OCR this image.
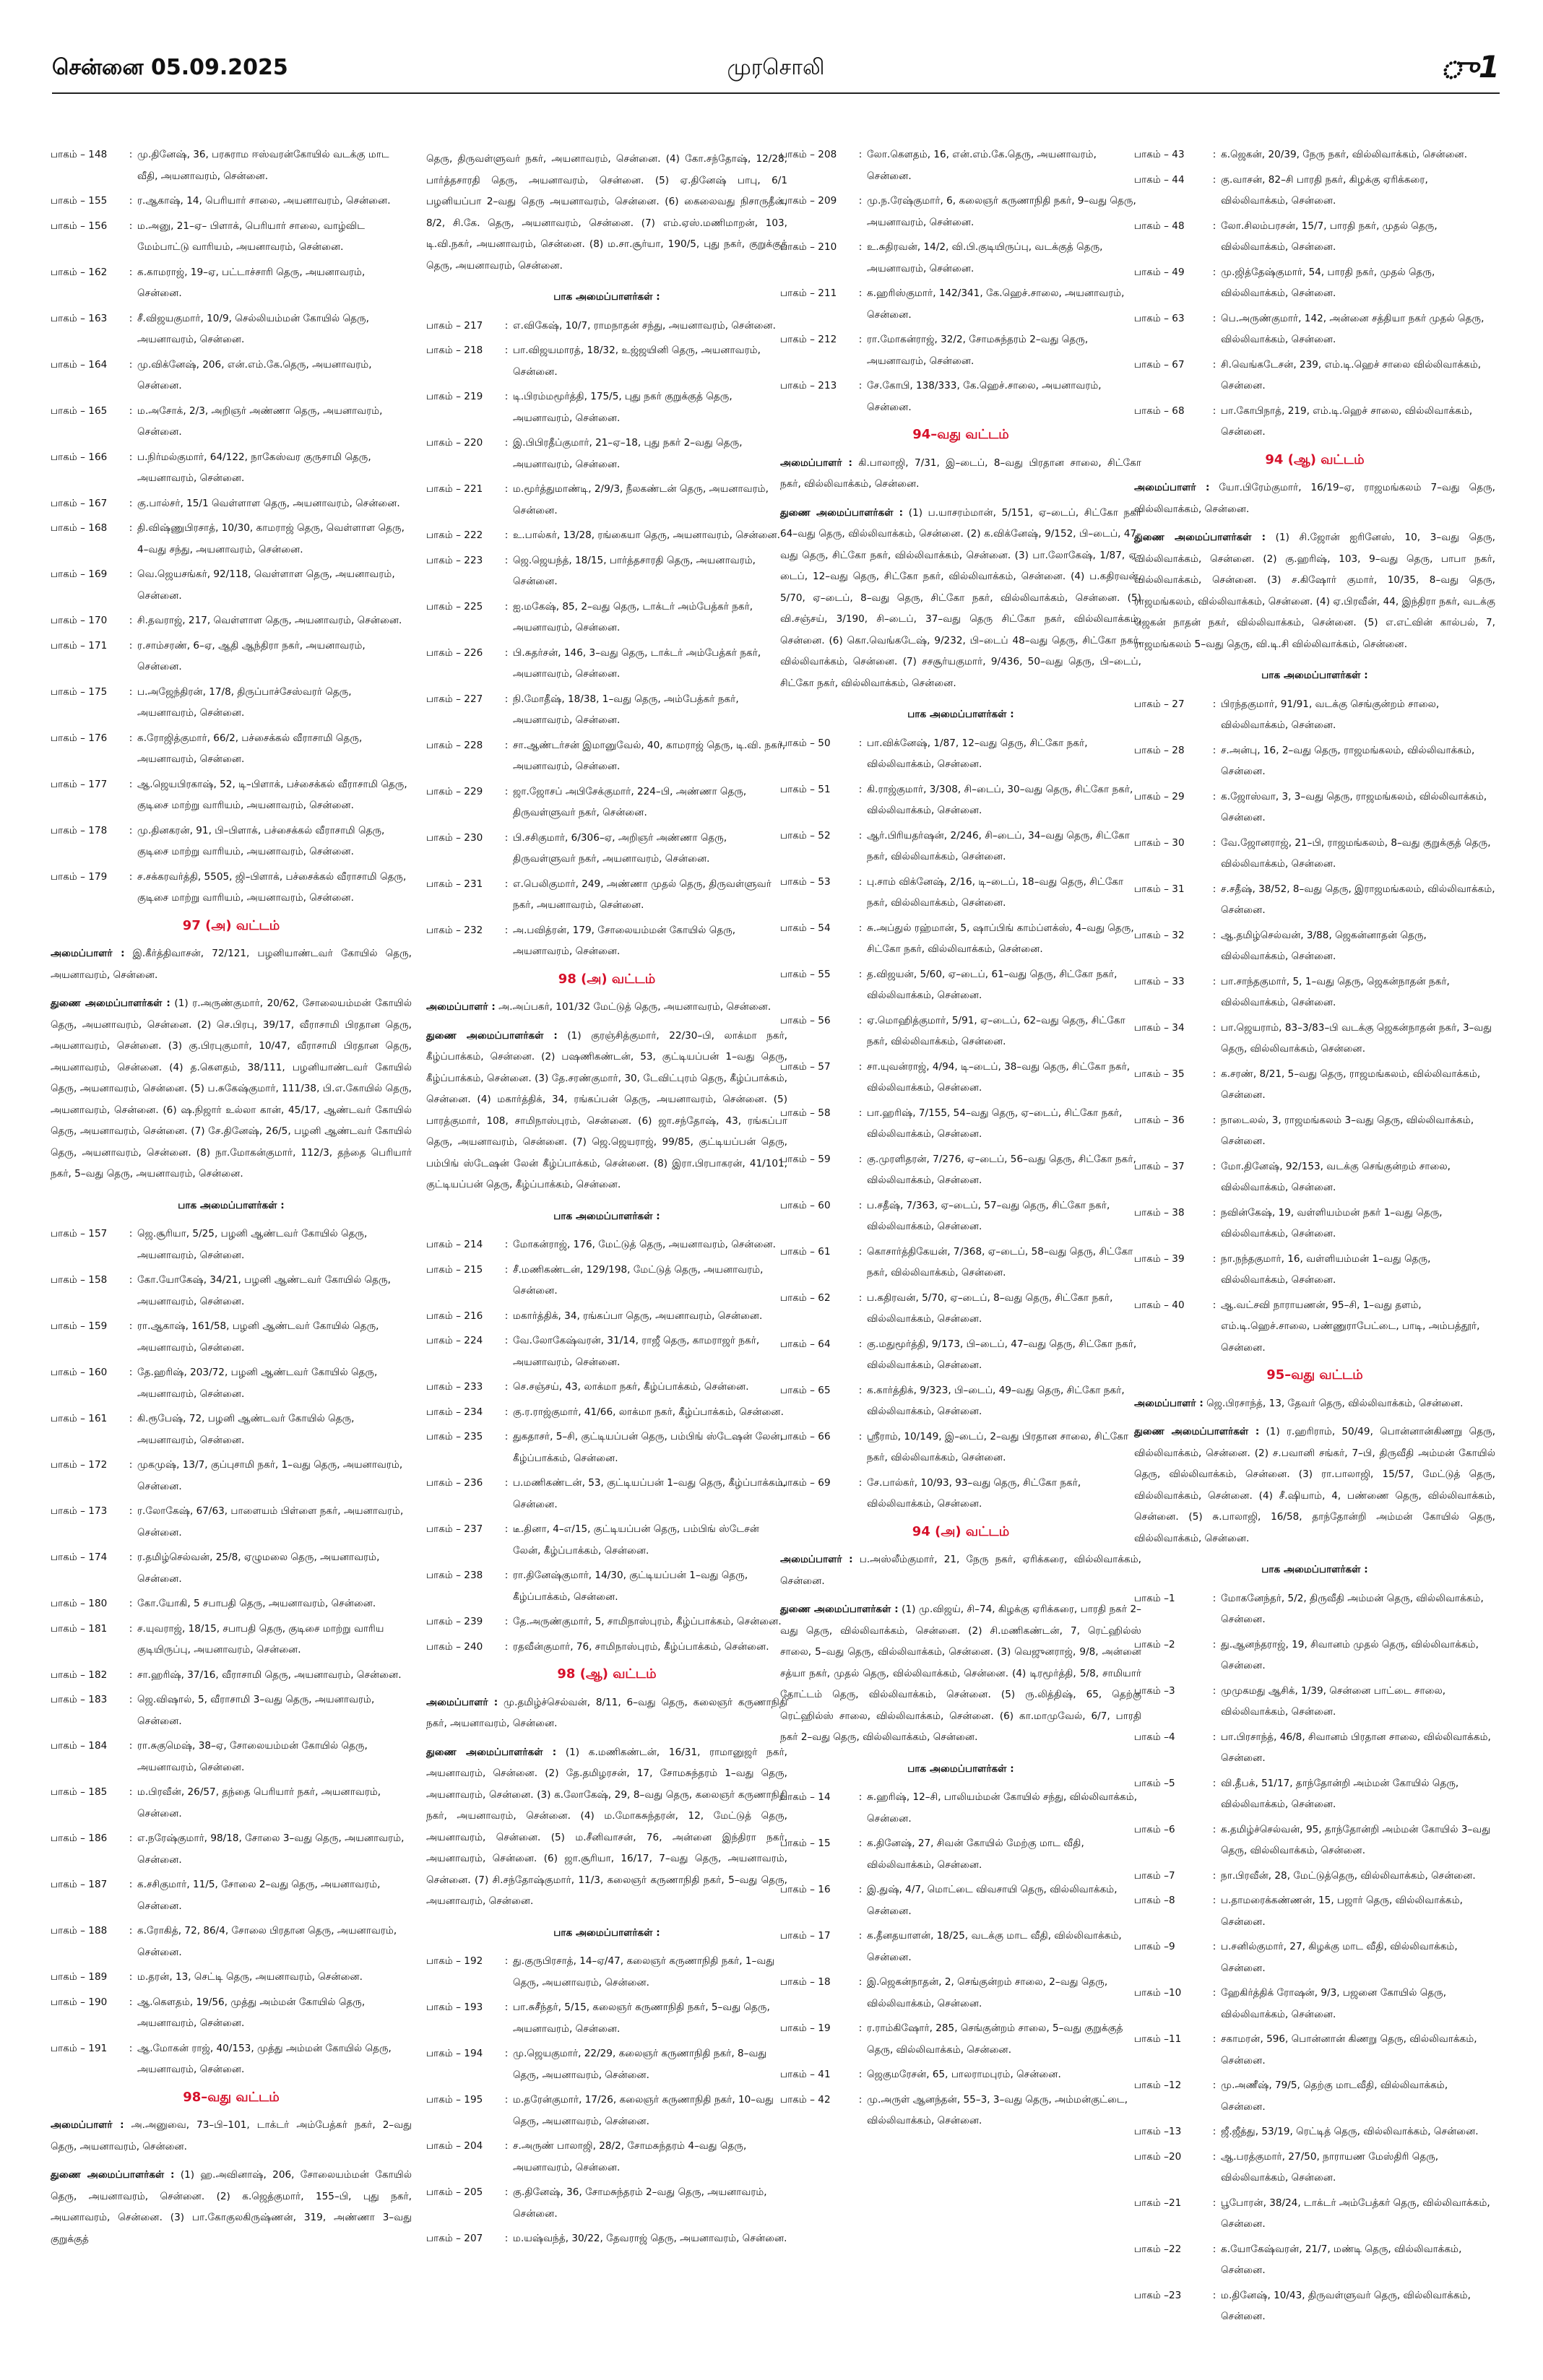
சென்னை 05.09.2025	முரசொலி	ு1
பாகம் – 148	: மு.தினேஷ், 36, பரசுராம ஈஸ்வரன்கோயில் வடக்கு மாட வீதி, அயனாவரம், சென்னை.
பாகம் – 155	: ர.ஆகாஷ், 14, பெரியார் சாலை, அயனாவரம், சென்னை.
பாகம் – 156	: ம.அனு, 21–ஏ– பிளாக், பெரியார் சாலை, வாழ்விட மேம்பாட்டு வாரியம், அயனாவரம், சென்னை.
பாகம் – 162	: க.காமராஜ், 19–ஏ, பட்டாச்சாரி தெரு, அயனாவரம், சென்னை.
பாகம் – 163	: சீ.விஜயகுமார், 10/9, செல்லியம்மன் கோயில் தெரு, அயனாவரம், சென்னை.
பாகம் – 164	: மு.விக்னேஷ், 206, என்.எம்.கே.தெரு, அயனாவரம், சென்னை.
பாகம் – 165	: ம.அசோக், 2/3, அறிஞர் அண்ணா தெரு, அயனாவரம், சென்னை.
பாகம் – 166	: ப.நிர்மல்குமார், 64/122, நாகேஸ்வர குருசாமி தெரு, அயனாவரம், சென்னை.
பாகம் – 167	: கு.பால்சர், 15/1 வெள்ளாள தெரு, அயனாவரம், சென்னை.
பாகம் – 168	: தி.விஷ்ணுபிரசாத், 10/30, காமராஜ் தெரு, வெள்ளாள தெரு, 4–வது சந்து, அயனாவரம், சென்னை.
பாகம் – 169	: வெ.ஜெயசங்கர், 92/118, வெள்ளாள தெரு, அயனாவரம், சென்னை.
பாகம் – 170	: சி.தவராஜ், 217, வெள்ளாள தெரு, அயனாவரம், சென்னை.
பாகம் – 171	: ர.சாம்சரண், 6–ஏ, ஆதி ஆந்திரா நகர், அயனாவரம், சென்னை.
பாகம் – 175	: ப.அஜேந்திரன், 17/8, திருப்பாச்சேஸ்வரர் தெரு, அயனாவரம், சென்னை.
பாகம் – 176	: க.ரோஜித்குமார், 66/2, பச்சைக்கல் வீராசாமி தெரு, அயனாவரம், சென்னை.
பாகம் – 177	: ஆ.ஜெயபிரகாஷ், 52, டி–பிளாக், பச்சைக்கல் வீராசாமி தெரு, குடிசை மாற்று வாரியம், அயனாவரம், சென்னை.
பாகம் – 178	: மு.தினகரன், 91, பி–பிளாக், பச்சைக்கல் வீராசாமி தெரு, குடிசை மாற்று வாரியம், அயனாவரம், சென்னை.
பாகம் – 179	: ச.சக்கரவர்த்தி, 5505, ஜி–பிளாக், பச்சைக்கல் வீராசாமி தெரு, குடிசை மாற்று வாரியம், அயனாவரம், சென்னை.
97 (அ) வட்டம்
அமைப்பாளர் : இ.கீர்த்திவாசன், 72/121, பழனியாண்டவர் கோயில் தெரு, அயனாவரம், சென்னை.
துணை அமைப்பாளர்கள் : (1) ர.அருண்குமார், 20/62, சோலையம்மன் கோயில் தெரு, அயனாவரம், சென்னை. (2) செ.பிரபு, 39/17, வீராசாமி பிரதான தெரு, அயனாவரம், சென்னை. (3) கு.பிரபுகுமார், 10/47, வீராசாமி பிரதான தெரு, அயனாவரம், சென்னை. (4) த.கௌதம், 38/111, பழனியாண்டவர் கோயில் தெரு, அயனாவரம், சென்னை. (5) ப.சுகேஷ்குமார், 111/38, பி.எ.கோயில் தெரு, அயனாவரம், சென்னை. (6) ஷ.நிஜார் உல்லா கான், 45/17, ஆண்டவர் கோயில் தெரு, அயனாவரம், சென்னை. (7) சே.தினேஷ், 26/5, பழனி ஆண்டவர் கோயில் தெரு, அயனாவரம், சென்னை. (8) நா.மோகன்குமார், 112/3, தந்தை பெரியார் நகர், 5–வது தெரு, அயனாவரம், சென்னை.
பாக அமைப்பாளர்கள் :
பாகம் – 157	: ஜெ.சூரியா, 5/25, பழனி ஆண்டவர் கோயில் தெரு, அயனாவரம், சென்னை.
பாகம் – 158	: கோ.யோகேஷ், 34/21, பழனி ஆண்டவர் கோயில் தெரு, அயனாவரம், சென்னை.
பாகம் – 159	: ரா.ஆகாஷ், 161/58, பழனி ஆண்டவர் கோயில் தெரு, அயனாவரம், சென்னை.
பாகம் – 160	: தே.ஹரிஷ், 203/72, பழனி ஆண்டவர் கோயில் தெரு, அயனாவரம், சென்னை.
பாகம் – 161	: கி.ரூபேஷ், 72, பழனி ஆண்டவர் கோயில் தெரு, அயனாவரம், சென்னை.
பாகம் – 172	: முகமுஷ், 13/7, குப்புசாமி நகர், 1–வது தெரு, அயனாவரம், சென்னை.
பாகம் – 173	: ர.லோகேஷ், 67/63, பாளையம் பிள்ளை நகர், அயனாவரம், சென்னை.
பாகம் – 174	: ர.தமிழ்செல்வன், 25/8, ஏழுமலை தெரு, அயனாவரம், சென்னை.
பாகம் – 180	: கோ.யோகி, 5 சபாபதி தெரு, அயனாவரம், சென்னை.
பாகம் – 181	: ச.யுவராஜ், 18/15, சபாபதி தெரு, குடிசை மாற்று வாரிய குடியிருப்பு, அயனாவரம், சென்னை.
பாகம் – 182	: சா.ஹரிஷ், 37/16, வீராசாமி தெரு, அயனாவரம், சென்னை.
பாகம் – 183	: ஜெ.விஷால், 5, வீராசாமி 3–வது தெரு, அயனாவரம், சென்னை.
பாகம் – 184	: ரா.சுகுமெஷ், 38–ஏ, சோலையம்மன் கோயில் தெரு, அயனாவரம், சென்னை.
பாகம் – 185	: ம.பிரவீன், 26/57, தந்தை பெரியார் நகர், அயனாவரம், சென்னை.
பாகம் – 186	: எ.நரேஷ்குமார், 98/18, சோலை 3–வது தெரு, அயனாவரம், சென்னை.
பாகம் – 187	: க.சசிகுமார், 11/5, சோலை 2–வது தெரு, அயனாவரம், சென்னை.
பாகம் – 188	: க.ரோகித், 72, 86/4, சோலை பிரதான தெரு, அயனாவரம், சென்னை.
பாகம் – 189	: ம.தரன், 13, செட்டி தெரு, அயனாவரம், சென்னை.
பாகம் – 190	: ஆ.கௌதம், 19/56, முத்து அம்மன் கோயில் தெரு, அயனாவரம், சென்னை.
பாகம் – 191	: ஆ.மோகன் ராஜ், 40/153, முத்து அம்மன் கோயில் தெரு, அயனாவரம், சென்னை.
98–வது வட்டம்
அமைப்பாளர் : அ.அனுவை, 73–பி–101, டாக்டர் அம்பேத்கர் நகர், 2–வது தெரு, அயனாவரம், சென்னை.
துணை அமைப்பாளர்கள் : (1) ஹ.அவினாஷ், 206, சோலையம்மன் கோயில் தெரு, அயனாவரம், சென்னை. (2) க.ஜெத்குமார், 155–பி, புது நகர், அயனாவரம், சென்னை. (3) பா.கோகுலகிருஷ்ணன், 319, அண்ணா 3–வது குறுக்குத்
தெரு, திருவள்ளுவர் நகர், அயனாவரம், சென்னை. (4) கோ.சந்தோஷ், 12/28, பார்த்தசாரதி தெரு, அயனாவரம், சென்னை. (5) ஏ.தினேஷ் பாபு, 6/1 பழனியப்பா 2–வது தெரு அயனாவரம், சென்னை. (6) கைலைவது நிசாருதீன், 8/2, சி.கே. தெரு, அயனாவரம், சென்னை. (7) எம்.ஏஸ்.மணிமாறன், 103, டி.வி.நகர், அயனாவரம், சென்னை. (8) ம.சா.சூர்யா, 190/5, புது நகர், குறுக்குத் தெரு, அயனாவரம், சென்னை.
பாக அமைப்பாளர்கள் :
பாகம் – 217	: எ.விகேஷ், 10/7, ராமநாதன் சந்து, அயனாவரம், சென்னை.
பாகம் – 218	: பா.விஜயமாரத், 18/32, உஜ்ஜயினி தெரு, அயனாவரம், சென்னை.
பாகம் – 219	: டி.பிரம்மமூர்த்தி, 175/5, புது நகர் குறுக்குத் தெரு, அயனாவரம், சென்னை.
பாகம் – 220	: இ.பிபிரதீப்குமார், 21–ஏ–18, புது நகர் 2–வது தெரு, அயனாவரம், சென்னை.
பாகம் – 221	: ம.மூர்த்துமாண்டி, 2/9/3, நீலகண்டன் தெரு, அயனாவரம், சென்னை.
பாகம் – 222	: உ.பால்கர், 13/28, ரங்கையா தெரு, அயனாவரம், சென்னை.
பாகம் – 223	: ஜெ.ஜெயந்த், 18/15, பார்த்தசாரதி தெரு, அயனாவரம், சென்னை.
பாகம் – 225	: ஐ.மகேஷ், 85, 2–வது தெரு, டாக்டர் அம்பேத்கர் நகர், அயனாவரம், சென்னை.
பாகம் – 226	: பி.சுதர்சன், 146, 3–வது தெரு, டாக்டர் அம்பேத்கர் நகர், அயனாவரம், சென்னை.
பாகம் – 227	: நி.மோதீஷ், 18/38, 1–வது தெரு, அம்பேத்கர் நகர், அயனாவரம், சென்னை.
பாகம் – 228	: சா.ஆண்டர்சன் இமானுவேல், 40, காமராஜ் தெரு, டி.வி. நகர், அயனாவரம், சென்னை.
பாகம் – 229	: ஜா.ஜோசப் அபிசேக்குமார், 224–பி, அண்ணா தெரு, திருவள்ளுவர் நகர், சென்னை.
பாகம் – 230	: பி.சசிகுமார், 6/306–ஏ, அறிஞர் அண்ணா தெரு, திருவள்ளுவர் நகர், அயனாவரம், சென்னை.
பாகம் – 231	: எ.பெலிகுமார், 249, அண்ணா முதல் தெரு, திருவள்ளுவர் நகர், அயனாவரம், சென்னை.
பாகம் – 232	: அ.பவித்ரன், 179, சோலையம்மன் கோயில் தெரு, அயனாவரம், சென்னை.
98 (அ) வட்டம்
அமைப்பாளர் : அ.அப்பகர், 101/32 மேட்டுத் தெரு, அயனாவரம், சென்னை.
துணை அமைப்பாளர்கள் : (1) குரஞ்சித்குமார், 22/30–பி, லாக்மா நகர், கீழ்ப்பாக்கம், சென்னை. (2) பஷணிகண்டன், 53, குட்டியப்பன் 1–வது தெரு, கீழ்ப்பாக்கம், சென்னை. (3) தே.சரண்குமார், 30, டேவிட்புரம் தெரு, கீழ்ப்பாக்கம், சென்னை. (4) மகார்த்திக், 34, ரங்கப்பன் தெரு, அயனாவரம், சென்னை. (5) பாரத்குமார், 108, சாமிநாஸ்புரம், சென்னை. (6) ஜா.சந்தோஷ், 43, ரங்கப்பா தெரு, அயனாவரம், சென்னை. (7) ஜெ.ஜெயராஜ், 99/85, குட்டியப்பன் தெரு, பம்பிங் ஸ்டேஷன் லேன் கீழ்ப்பாக்கம், சென்னை. (8) இரா.பிரபாகரன், 41/101, குட்டியப்பன் தெரு, கீழ்ப்பாக்கம், சென்னை.
பாக அமைப்பாளர்கள் :
பாகம் – 214	: மோகன்ராஜ், 176, மேட்டுத் தெரு, அயனாவரம், சென்னை.
பாகம் – 215	: சீ.மணிகண்டன், 129/198, மேட்டுத் தெரு, அயனாவரம், சென்னை.
பாகம் – 216	: மகார்த்திக், 34, ரங்கப்பா தெரு, அயனாவரம், சென்னை.
பாகம் – 224	: வே.லோகேஷ்வரன், 31/14, ராஜீ தெரு, காமராஜர் நகர், அயனாவரம், சென்னை.
பாகம் – 233	: செ.சஞ்சய், 43, லாக்மா நகர், கீழ்ப்பாக்கம், சென்னை.
பாகம் – 234	: கு.ர.ராஜ்குமார், 41/66, லாக்மா நகர், கீழ்ப்பாக்கம், சென்னை.
பாகம் – 235	: துகதாசர், 5–சி, குட்டியப்பன் தெரு, பம்பிங் ஸ்டேஷன் லேன், கீழ்ப்பாக்கம், சென்னை.
பாகம் – 236	: ப.மணிகண்டன், 53, குட்டியப்பன் 1–வது தெரு, கீழ்ப்பாக்கம், சென்னை.
பாகம் – 237	: டீ.தினா, 4–எ/15, குட்டியப்பன் தெரு, பம்பிங் ஸ்டேசன் லேன், கீழ்ப்பாக்கம், சென்னை.
பாகம் – 238	: ரா.தினேஷ்குமார், 14/30, குட்டியப்பன் 1–வது தெரு, கீழ்ப்பாக்கம், சென்னை.
பாகம் – 239	: தே.அருண்குமார், 5, சாமிநாஸ்புரம், கீழ்ப்பாக்கம், சென்னை.
பாகம் – 240	: ரதவீன்குமார், 76, சாமிநாஸ்புரம், கீழ்ப்பாக்கம், சென்னை.
98 (ஆ) வட்டம்
அமைப்பாளர் : மு.தமிழ்ச்செல்வன், 8/11, 6–வது தெரு, கலைஞர் கருணாநிதி நகர், அயனாவரம், சென்னை.
துணை அமைப்பாளர்கள் : (1) க.மணிகண்டன், 16/31, ராமானுஜர் நகர், அயனாவரம், சென்னை. (2) தே.தமிழரசன், 17, சோமசுந்தரம் 1–வது தெரு, அயனாவரம், சென்னை. (3) க.லோகேஷ், 29, 8–வது தெரு, கலைஞர் கருணாநிதி நகர், அயனாவரம், சென்னை. (4) ம.மோகசுந்தரன், 12, மேட்டுத் தெரு, அயனாவரம், சென்னை. (5) ம.சீனிவாசன், 76, அன்னை இந்திரா நகர், அயனாவரம், சென்னை. (6) ஜா.சூரியா, 16/17, 7–வது தெரு, அயனாவரம், சென்னை. (7) சி.சந்தோஷ்குமார், 11/3, கலைஞர் கருணாநிதி நகர், 5–வது தெரு, அயனாவரம், சென்னை.
பாக அமைப்பாளர்கள் :
பாகம் – 192	: து.குருபிரசாத், 14–ஏ/47, கலைஞர் கருணாநிதி நகர், 1–வது தெரு, அயனாவரம், சென்னை.
பாகம் – 193	: பா.சுசீந்தர், 5/15, கலைஞர் கருணாநிதி நகர், 5–வது தெரு, அயனாவரம், சென்னை.
பாகம் – 194	: மு.ஜெயகுமார், 22/29, கலைஞர் கருணாநிதி நகர், 8–வது தெரு, அயனாவரம், சென்னை.
பாகம் – 195	: ம.தரேன்குமார், 17/26, கலைஞர் கருணாநிதி நகர், 10–வது தெரு, அயனாவரம், சென்னை.
பாகம் – 204	: ச.அருண் பாலாஜி, 28/2, சோமசுந்தரம் 4–வது தெரு, அயனாவரம், சென்னை.
பாகம் – 205	: கு.தினேஷ், 36, சோமசுந்தரம் 2–வது தெரு, அயனாவரம், சென்னை.
பாகம் – 207	: ம.யஷ்வந்த், 30/22, தேவராஜ் தெரு, அயனாவரம், சென்னை.
பாகம் – 208	: லோ.கௌதம், 16, என்.எம்.கே.தெரு, அயனாவரம், சென்னை.
பாகம் – 209	: மு.ந.ரேஷ்குமார், 6, கலைஞர் கருணாநிதி நகர், 9–வது தெரு, அயனாவரம், சென்னை.
பாகம் – 210	: உ.சுதிரவன், 14/2, வி.பி.குடியிருப்பு, வடக்குத் தெரு, அயனாவரம், சென்னை.
பாகம் – 211	: க.ஹரிஸ்குமார், 142/341, கே.ஹெச்.சாலை, அயனாவரம், சென்னை.
பாகம் – 212	: ரா.மோகன்ராஜ், 32/2, சோமசுந்தரம் 2–வது தெரு, அயனாவரம், சென்னை.
பாகம் – 213	: சே.கோபி, 138/333, கே.ஹெச்.சாலை, அயனாவரம், சென்னை.
94–வது வட்டம்
அமைப்பாளர் : கி.பாலாஜி, 7/31, இ–டைப், 8–வது பிரதான சாலை, சிட்கோ நகர், வில்லிவாக்கம், சென்னை.
துணை அமைப்பாளர்கள் : (1) ப.யாசரம்மான், 5/151, ஏ–டைப், சிட்கோ நகர் 64–வது தெரு, வில்லிவாக்கம், சென்னை. (2) க.விக்னேஷ், 9/152, பி–டைப், 47–வது தெரு, சிட்கோ நகர், வில்லிவாக்கம், சென்னை. (3) பா.லோகேஷ், 1/87, ஏ–டைப், 12–வது தெரு, சிட்கோ நகர், வில்லிவாக்கம், சென்னை. (4) ப.கதிரவன், 5/70, ஏ–டைப், 8–வது தெரு, சிட்கோ நகர், வில்லிவாக்கம், சென்னை. (5) வி.சஞ்சய், 3/190, சி–டைப், 37–வது தெரு சிட்கோ நகர், வில்லிவாக்கம், சென்னை. (6) கொ.வெங்கடேஷ், 9/232, பி–டைப் 48–வது தெரு, சிட்கோ நகர், வில்லிவாக்கம், சென்னை. (7) சசசூர்யகுமார், 9/436, 50–வது தெரு, பி–டைப், சிட்கோ நகர், வில்லிவாக்கம், சென்னை.
பாக அமைப்பாளர்கள் :
பாகம் – 50	: பா.விக்னேஷ், 1/87, 12–வது தெரு, சிட்கோ நகர், வில்லிவாக்கம், சென்னை.
பாகம் – 51	: கி.ராஜ்குமார், 3/308, சி–டைப், 30–வது தெரு, சிட்கோ நகர், வில்லிவாக்கம், சென்னை.
பாகம் – 52	: ஆர்.பிரியதர்ஷன், 2/246, சி–டைப், 34–வது தெரு, சிட்கோ நகர், வில்லிவாக்கம், சென்னை.
பாகம் – 53	: பு.சாம் விக்னேஷ், 2/16, டி–டைப், 18–வது தெரு, சிட்கோ நகர், வில்லிவாக்கம், சென்னை.
பாகம் – 54	: சு.அப்துல் ரஹ்மான், 5, ஷாப்பிங் காம்ப்ளக்ஸ், 4–வது தெரு, சிட்கோ நகர், வில்லிவாக்கம், சென்னை.
பாகம் – 55	: த.விஜயன், 5/60, ஏ–டைப், 61–வது தெரு, சிட்கோ நகர், வில்லிவாக்கம், சென்னை.
பாகம் – 56	: ஏ.மொஹித்குமார், 5/91, ஏ–டைப், 62–வது தெரு, சிட்கோ நகர், வில்லிவாக்கம், சென்னை.
பாகம் – 57	: சா.யுவன்ராஜ், 4/94, டி–டைப், 38–வது தெரு, சிட்கோ நகர், வில்லிவாக்கம், சென்னை.
பாகம் – 58	: பா.ஹரிஷ், 7/155, 54–வது தெரு, ஏ–டைப், சிட்கோ நகர், வில்லிவாக்கம், சென்னை.
பாகம் – 59	: கு.முரளிதரன், 7/276, ஏ–டைப், 56–வது தெரு, சிட்கோ நகர், வில்லிவாக்கம், சென்னை.
பாகம் – 60	: ப.சதீஷ், 7/363, ஏ–டைப், 57–வது தெரு, சிட்கோ நகர், வில்லிவாக்கம், சென்னை.
பாகம் – 61	: கொசார்த்திகேயன், 7/368, ஏ–டைப், 58–வது தெரு, சிட்கோ நகர், வில்லிவாக்கம், சென்னை.
பாகம் – 62	: ப.கதிரவன், 5/70, ஏ–டைப், 8–வது தெரு, சிட்கோ நகர், வில்லிவாக்கம், சென்னை.
பாகம் – 64	: கு.மதுமூர்த்தி, 9/173, பி–டைப், 47–வது தெரு, சிட்கோ நகர், வில்லிவாக்கம், சென்னை.
பாகம் – 65	: க.கார்த்திக், 9/323, பி–டைப், 49–வது தெரு, சிட்கோ நகர், வில்லிவாக்கம், சென்னை.
பாகம் – 66	: ஸ்ரீராம், 10/149, இ–டைப், 2–வது பிரதான சாலை, சிட்கோ நகர், வில்லிவாக்கம், சென்னை.
பாகம் – 69	: சே.பால்கர், 10/93, 93–வது தெரு, சிட்கோ நகர், வில்லிவாக்கம், சென்னை.
94 (அ) வட்டம்
அமைப்பாளர் : ப.அஸ்லீம்குமார், 21, நேரு நகர், ஏரிக்கரை, வில்லிவாக்கம், சென்னை.
துணை அமைப்பாளர்கள் : (1) மு.விஜய், சி–74, கிழக்கு ஏரிக்கரை, பாரதி நகர் 2–வது தெரு, வில்லிவாக்கம், சென்னை. (2) சி.மணிகண்டன், 7, ரெட்ஹில்ஸ் சாலை, 5–வது தெரு, வில்லிவாக்கம், சென்னை. (3) வெஜுனராஜ், 9/8, அன்னை சத்யா நகர், முதல் தெரு, வில்லிவாக்கம், சென்னை. (4) டிரமூர்த்தி, 5/8, சாமியார் தோட்டம் தெரு, வில்லிவாக்கம், சென்னை. (5) ரு.லித்திஷ், 65, தெற்கு ரெட்ஹில்ஸ் சாலை, வில்லிவாக்கம், சென்னை. (6) கா.மாமுவேல், 6/7, பாரதி நகர் 2–வது தெரு, வில்லிவாக்கம், சென்னை.
பாக அமைப்பாளர்கள் :
பாகம் – 14	: சு.ஹரிஷ், 12–சி, பாலியம்மன் கோயில் சந்து, வில்லிவாக்கம், சென்னை.
பாகம் – 15	: க.தினேஷ், 27, சிவன் கோயில் மேற்கு மாட வீதி, வில்லிவாக்கம், சென்னை.
பாகம் – 16	: இ.துஷ், 4/7, மொட்டை விவசாயி தெரு, வில்லிவாக்கம், சென்னை.
பாகம் – 17	: க.தீனதயாளன், 18/25, வடக்கு மாட வீதி, வில்லிவாக்கம், சென்னை.
பாகம் – 18	: இ.ஜெகன்நாதன், 2, செங்குன்றம் சாலை, 2–வது தெரு, வில்லிவாக்கம், சென்னை.
பாகம் – 19	: ர.ராம்கிஷோர், 285, செங்குன்றம் சாலை, 5–வது குறுக்குத் தெரு, வில்லிவாக்கம், சென்னை.
பாகம் – 41	: ஜெகுமரேசன், 65, பாலராமபுரம், சென்னை.
பாகம் – 42	: மு.அருள் ஆனந்தன், 55–3, 3–வது தெரு, அம்மன்குட்டை, வில்லிவாக்கம், சென்னை.
பாகம் – 43	: க.ஜெகன், 20/39, நேரு நகர், வில்லிவாக்கம், சென்னை.
பாகம் – 44	: கு.வாசன், 82–சி பாரதி நகர், கிழக்கு ஏரிக்கரை, வில்லிவாக்கம், சென்னை.
பாகம் – 48	: லோ.சிலம்பரசன், 15/7, பாரதி நகர், முதல் தெரு, வில்லிவாக்கம், சென்னை.
பாகம் – 49	: மு.ஜித்தேஷ்குமார், 54, பாரதி நகர், முதல் தெரு, வில்லிவாக்கம், சென்னை.
பாகம் – 63	: பெ.அருண்குமார், 142, அன்னை சத்தியா நகர் முதல் தெரு, வில்லிவாக்கம், சென்னை.
பாகம் – 67	: சி.வெங்கடேசன், 239, எம்.டி.ஹெச் சாலை வில்லிவாக்கம், சென்னை.
பாகம் – 68	: பா.கோபிநாத், 219, எம்.டி.ஹெச் சாலை, வில்லிவாக்கம், சென்னை.
94 (ஆ) வட்டம்
அமைப்பாளர் : யோ.பிரேம்குமார், 16/19–ஏ, ராஜமங்கலம் 7–வது தெரு, வில்லிவாக்கம், சென்னை.
துணை அமைப்பாளர்கள் : (1) சி.ஜோன் ஐரினேஸ், 10, 3–வது தெரு, வில்லிவாக்கம், சென்னை. (2) கு.ஹரிஷ், 103, 9–வது தெரு, பாபா நகர், வில்லிவாக்கம், சென்னை. (3) ச.கிஷோர் குமார், 10/35, 8–வது தெரு, ராஜமங்கலம், வில்லிவாக்கம், சென்னை. (4) ஏ.பிரவீன், 44, இந்திரா நகர், வடக்கு ஜெகன் நாதன் நகர், வில்லிவாக்கம், சென்னை. (5) எ.எட்வின் கால்பல், 7, ராஜமங்கலம் 5–வது தெரு, வி.டி.சி வில்லிவாக்கம், சென்னை.
பாக அமைப்பாளர்கள் :
பாகம் – 27	: பிரந்தகுமார், 91/91, வடக்கு செங்குன்றம் சாலை, வில்லிவாக்கம், சென்னை.
பாகம் – 28	: ச.அன்பு, 16, 2–வது தெரு, ராஜமங்கலம், வில்லிவாக்கம், சென்னை.
பாகம் – 29	: க.ஜோஸ்வா, 3, 3–வது தெரு, ராஜமங்கலம், வில்லிவாக்கம், சென்னை.
பாகம் – 30	: வே.ஜோனராஜ், 21–பி, ராஜமங்கலம், 8–வது குறுக்குத் தெரு, வில்லிவாக்கம், சென்னை.
பாகம் – 31	: ச.சதீஷ், 38/52, 8–வது தெரு, இராஜமங்கலம், வில்லிவாக்கம், சென்னை.
பாகம் – 32	: ஆ.தமிழ்செல்வன், 3/88, ஜெகன்னாதன் தெரு, வில்லிவாக்கம், சென்னை.
பாகம் – 33	: பா.சாந்தகுமார், 5, 1–வது தெரு, ஜெகன்நாதன் நகர், வில்லிவாக்கம், சென்னை.
பாகம் – 34	: பா.ஜெயராம், 83–3/83–பி வடக்கு ஜெகன்நாதன் நகர், 3–வது தெரு, வில்லிவாக்கம், சென்னை.
பாகம் – 35	: க.சரண், 8/21, 5–வது தெரு, ராஜமங்கலம், வில்லிவாக்கம், சென்னை.
பாகம் – 36	: நாடைலல், 3, ராஜமங்கலம் 3–வது தெரு, வில்லிவாக்கம், சென்னை.
பாகம் – 37	: மோ.தினேஷ், 92/153, வடக்கு செங்குன்றம் சாலை, வில்லிவாக்கம், சென்னை.
பாகம் – 38	: நவின்கேஷ், 19, வள்ளியம்மன் நகர் 1–வது தெரு, வில்லிவாக்கம், சென்னை.
பாகம் – 39	: நா.நந்தகுமார், 16, வள்ளியம்மன் 1–வது தெரு, வில்லிவாக்கம், சென்னை.
பாகம் – 40	: ஆ.வட்சவி நாராயணன், 95–சி, 1–வது தளம், எம்.டி.ஹெச்.சாலை, பண்ணுராபேட்டை, பாடி, அம்பத்தூர், சென்னை.
95–வது வட்டம்
அமைப்பாளர் : ஜெ.பிரசாந்த், 13, தேவர் தெரு, வில்லிவாக்கம், சென்னை.
துணை அமைப்பாளர்கள் : (1) ர.ஹரிராம், 50/49, பொன்னான்கிணறு தெரு, வில்லிவாக்கம், சென்னை. (2) ச.பவானி சங்கர், 7–பி, திருவீதி அம்மன் கோயில் தெரு, வில்லிவாக்கம், சென்னை. (3) ரா.பாலாஜி, 15/57, மேட்டுத் தெரு, வில்லிவாக்கம், சென்னை. (4) சீ.ஷியாம், 4, பண்ணை தெரு, வில்லிவாக்கம், சென்னை. (5) சு.பாலாஜி, 16/58, தாந்தோன்றி அம்மன் கோயில் தெரு, வில்லிவாக்கம், சென்னை.
பாக அமைப்பாளர்கள் :
பாகம் –1	: மோகனேந்தர், 5/2, திருவீதி அம்மன் தெரு, வில்லிவாக்கம், சென்னை.
பாகம் –2	: து.ஆனந்தராஜ், 19, சிவானம் முதல் தெரு, வில்லிவாக்கம், சென்னை.
பாகம் –3	: முமுகமது ஆசிக், 1/39, சென்னை பாட்டை சாலை, வில்லிவாக்கம், சென்னை.
பாகம் –4	: பா.பிரசாந்த், 46/8, சிவானம் பிரதான சாலை, வில்லிவாக்கம், சென்னை.
பாகம் –5	: வி.தீபக், 51/17, தாந்தோன்றி அம்மன் கோயில் தெரு, வில்லிவாக்கம், சென்னை.
பாகம் –6	: க.தமிழ்ச்செல்வன், 95, தாந்தோன்றி அம்மன் கோயில் 3–வது தெரு, வில்லிவாக்கம், சென்னை.
பாகம் –7	: நா.பிரவீன், 28, மேட்டுத்தெரு, வில்லிவாக்கம், சென்னை.
பாகம் –8	: ப.தாமரைக்கண்ணன், 15, பஜார் தெரு, வில்லிவாக்கம், சென்னை.
பாகம் –9	: ப.சனில்குமார், 27, கிழக்கு மாட வீதி, வில்லிவாக்கம், சென்னை.
பாகம் –10	: ஹேகிர்த்திக் ரோஷன், 9/3, பஜனை கோயில் தெரு, வில்லிவாக்கம், சென்னை.
பாகம் –11	: சகாமரன், 596, பொன்னான் கிணறு தெரு, வில்லிவாக்கம், சென்னை.
பாகம் –12	: மு.அணீஷ், 79/5, தெற்கு மாடவீதி, வில்லிவாக்கம், சென்னை.
பாகம் –13	: ஜீ.ஜீத்து, 53/19, ரெட்டித் தெரு, வில்லிவாக்கம், சென்னை.
பாகம் –20	: ஆ.பரத்குமார், 27/50, நாராயண மேஸ்திரி தெரு, வில்லிவாக்கம், சென்னை.
பாகம் –21	: பூபோரன், 38/24, டாக்டர் அம்பேத்கர் தெரு, வில்லிவாக்கம், சென்னை.
பாகம் –22	: க.யோகேஷ்வரன், 21/7, மண்டி தெரு, வில்லிவாக்கம், சென்னை.
பாகம் –23	: ம.தினேஷ், 10/43, திருவள்ளுவர் தெரு, வில்லிவாக்கம், சென்னை.
